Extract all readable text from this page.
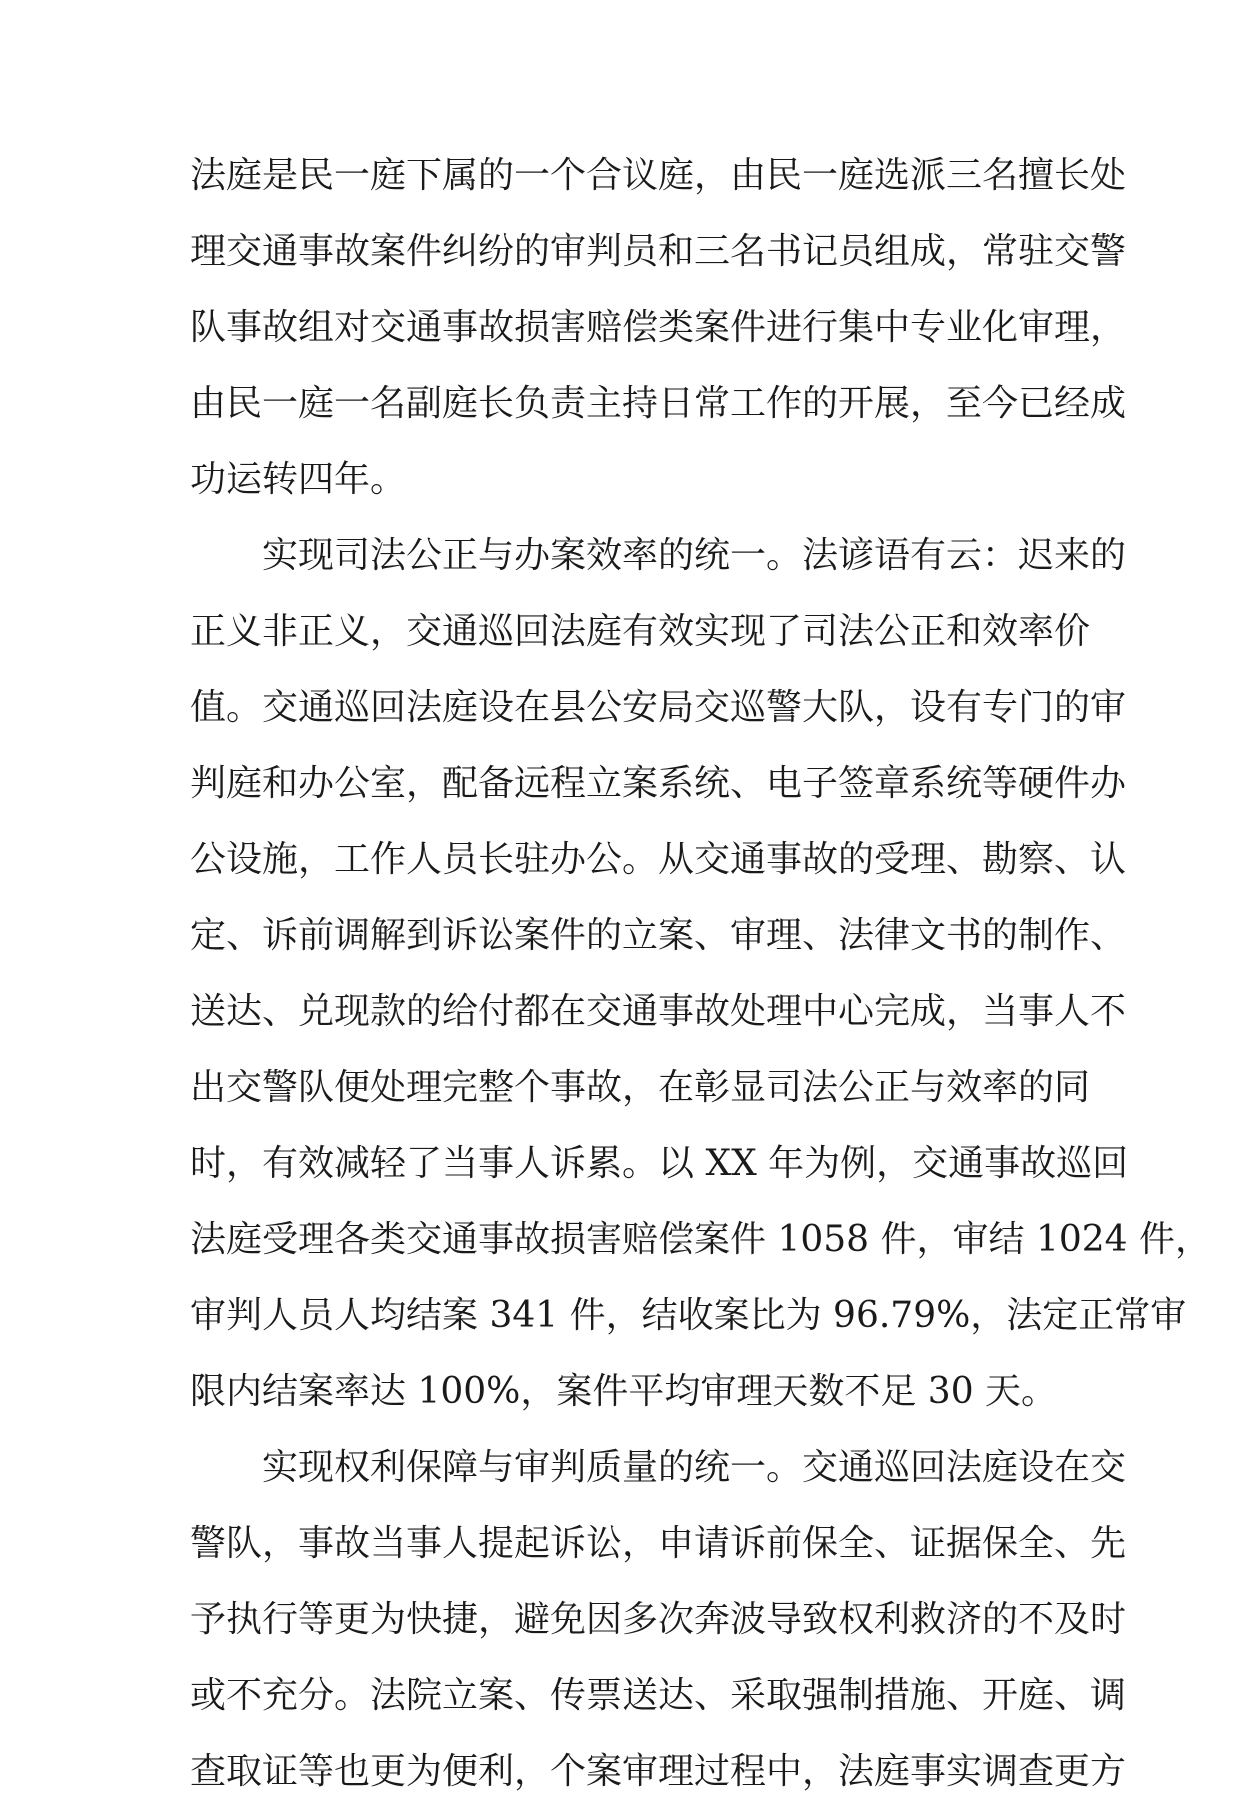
法庭是民一庭下属的一个合议庭，由民一庭选派三名擅长处
理交通事故案件纠纷的审判员和三名书记员组成，常驻交警
队事故组对交通事故损害赔偿类案件进行集中专业化审理，
由民一庭一名副庭长负责主持日常工作的开展，至今已经成
功运转四年。
实现司法公正与办案效率的统一。法谚语有云：迟来的
正义非正义，交通巡回法庭有效实现了司法公正和效率价
值。交通巡回法庭设在县公安局交巡警大队，设有专门的审
判庭和办公室，配备远程立案系统、电子签章系统等硬件办
公设施，工作人员长驻办公。从交通事故的受理、勘察、认
定、诉前调解到诉讼案件的立案、审理、法律文书的制作、
送达、兑现款的给付都在交通事故处理中心完成，当事人不
出交警队便处理完整个事故，在彰显司法公正与效率的同
时，有效减轻了当事人诉累。以 XX 年为例，交通事故巡回
法庭受理各类交通事故损害赔偿案件 1058 件，审结 1024 件，
审判人员人均结案 341 件，结收案比为 96.79%，法定正常审
限内结案率达 100%，案件平均审理天数不足 30 天。
实现权利保障与审判质量的统一。交通巡回法庭设在交
警队，事故当事人提起诉讼，申请诉前保全、证据保全、先
予执行等更为快捷，避免因多次奔波导致权利救济的不及时
或不充分。法院立案、传票送达、采取强制措施、开庭、调
查取证等也更为便利，个案审理过程中，法庭事实调查更方
